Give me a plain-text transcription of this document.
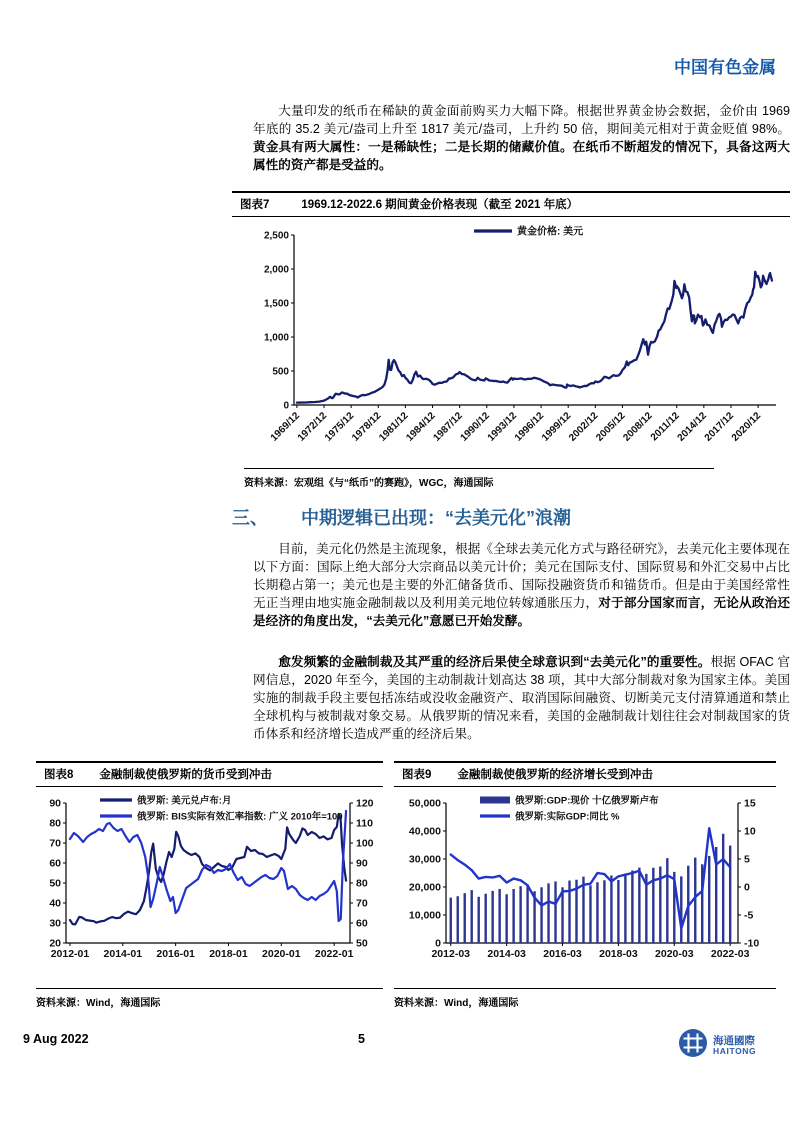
中国有色金属
大量印发的纸币在稀缺的黄金面前购买力大幅下降。根据世界黄金协会数据，金价由 1969 年底的 35.2 美元/盎司上升至 1817 美元/盎司，上升约 50 倍，期间美元相对于黄金贬值 98%。黄金具有两大属性：一是稀缺性；二是长期的储藏价值。在纸币不断超发的情况下，具备这两大属性的资产都是受益的。
图表7	1969.12-2022.6 期间黄金价格表现（截至 2021 年底）
0
500
1,000
1,500
2,000
2,500
1969/12
1972/12
1975/12
1978/12
1981/12
1984/12
1987/12
1990/12
1993/12
1996/12
1999/12
2002/12
2005/12
2008/12
2011/12
2014/12
2017/12
2020/12
黄金价格: 美元
资料来源：宏观组《与“纸币”的赛跑》，WGC，海通国际
三、 中期逻辑已出现：“去美元化”浪潮
目前，美元化仍然是主流现象，根据《全球去美元化方式与路径研究》，去美元化主要体现在以下方面：国际上绝大部分大宗商品以美元计价；美元在国际支付、国际贸易和外汇交易中占比长期稳占第一；美元也是主要的外汇储备货币、国际投融资货币和锚货币。但是由于美国经常性无正当理由地实施金融制裁以及利用美元地位转嫁通胀压力，对于部分国家而言，无论从政治还是经济的角度出发，“去美元化”意愿已开始发酵。
愈发频繁的金融制裁及其严重的经济后果使全球意识到“去美元化”的重要性。根据 OFAC 官网信息，2020 年至今，美国的主动制裁计划高达 38 项，其中大部分制裁对象为国家主体。美国实施的制裁手段主要包括冻结或没收金融资产、取消国际间融资、切断美元支付清算通道和禁止全球机构与被制裁对象交易。从俄罗斯的情况来看，美国的金融制裁计划往往会对制裁国家的货币体系和经济增长造成严重的经济后果。
图表8 金融制裁使俄罗斯的货币受到冲击
20
30
40
50
60
70
80
90
50
60
70
80
90
100
110
120
2012-01 2014-01 2016-01 2018-01 2020-01 2022-01
俄罗斯: 美元兑卢布:月
俄罗斯: BIS实际有效汇率指数: 广义 2010年=100
资料来源：Wind，海通国际
图表9 金融制裁使俄罗斯的经济增长受到冲击
0
10,000
20,000
30,000
40,000
50,000
-10
-5
0
5
10
15
2012-03 2014-03 2016-03 2018-03 2020-03 2022-03
俄罗斯:GDP:现价 十亿俄罗斯卢布
俄罗斯:实际GDP:同比 %
资料来源：Wind，海通国际
9 Aug 2022	5	海通國際
HAITONG
